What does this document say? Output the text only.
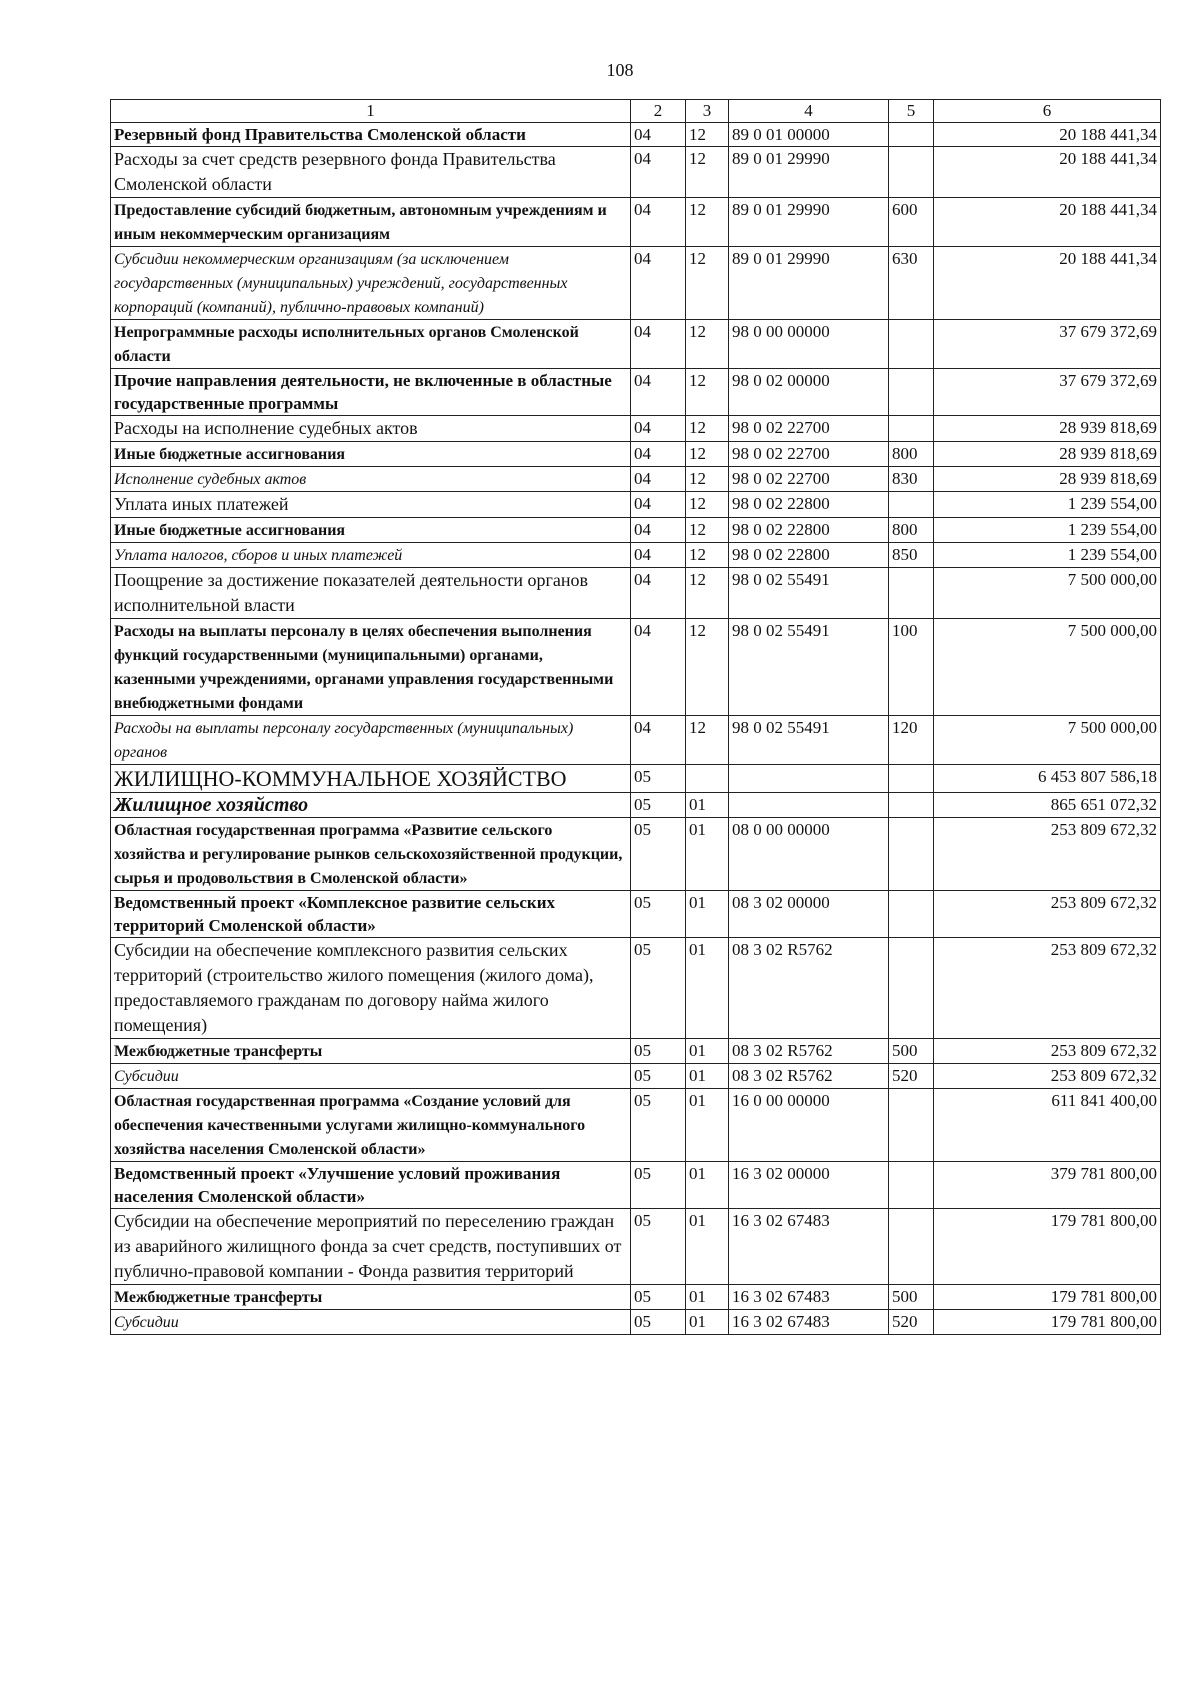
108
1	2	3	4	5	6
Резервный фонд Правительства Смоленской области	04	12	89 0 01 00000		20 188 441,34
Расходы за счет средств резервного фонда Правительства Смоленской области	04	12	89 0 01 29990		20 188 441,34
Предоставление субсидий бюджетным, автономным учреждениям и иным некоммерческим организациям	04	12	89 0 01 29990	600	20 188 441,34
Субсидии некоммерческим организациям (за исключением государственных (муниципальных) учреждений, государственных корпораций (компаний), публично-правовых компаний)	04	12	89 0 01 29990	630	20 188 441,34
Непрограммные расходы исполнительных органов Смоленской области	04	12	98 0 00 00000		37 679 372,69
Прочие направления деятельности, не включенные в областные государственные программы	04	12	98 0 02 00000		37 679 372,69
Расходы на исполнение судебных актов	04	12	98 0 02 22700		28 939 818,69
Иные бюджетные ассигнования	04	12	98 0 02 22700	800	28 939 818,69
Исполнение судебных актов	04	12	98 0 02 22700	830	28 939 818,69
Уплата иных платежей	04	12	98 0 02 22800		1 239 554,00
Иные бюджетные ассигнования	04	12	98 0 02 22800	800	1 239 554,00
Уплата налогов, сборов и иных платежей	04	12	98 0 02 22800	850	1 239 554,00
Поощрение за достижение показателей деятельности органов исполнительной власти	04	12	98 0 02 55491		7 500 000,00
Расходы на выплаты персоналу в целях обеспечения выполнения функций государственными (муниципальными) органами, казенными учреждениями, органами управления государственными внебюджетными фондами	04	12	98 0 02 55491	100	7 500 000,00
Расходы на выплаты персоналу государственных (муниципальных) органов	04	12	98 0 02 55491	120	7 500 000,00
ЖИЛИЩНО-КОММУНАЛЬНОЕ ХОЗЯЙСТВО	05				6 453 807 586,18
Жилищное хозяйство	05	01			865 651 072,32
Областная государственная программа «Развитие сельского хозяйства и регулирование рынков сельскохозяйственной продукции, сырья и продовольствия в Смоленской области»	05	01	08 0 00 00000		253 809 672,32
Ведомственный проект «Комплексное развитие сельских территорий Смоленской области»	05	01	08 3 02 00000		253 809 672,32
Субсидии на обеспечение комплексного развития сельских территорий (строительство жилого помещения (жилого дома), предоставляемого гражданам по договору найма жилого помещения)	05	01	08 3 02 R5762		253 809 672,32
Межбюджетные трансферты	05	01	08 3 02 R5762	500	253 809 672,32
Субсидии	05	01	08 3 02 R5762	520	253 809 672,32
Областная государственная программа «Создание условий для обеспечения качественными услугами жилищно-коммунального хозяйства населения Смоленской области»	05	01	16 0 00 00000		611 841 400,00
Ведомственный проект «Улучшение условий проживания населения Смоленской области»	05	01	16 3 02 00000		379 781 800,00
Субсидии на обеспечение мероприятий по переселению граждан из аварийного жилищного фонда за счет средств, поступивших от публично-правовой компании - Фонда развития территорий	05	01	16 3 02 67483		179 781 800,00
Межбюджетные трансферты	05	01	16 3 02 67483	500	179 781 800,00
Субсидии	05	01	16 3 02 67483	520	179 781 800,00
